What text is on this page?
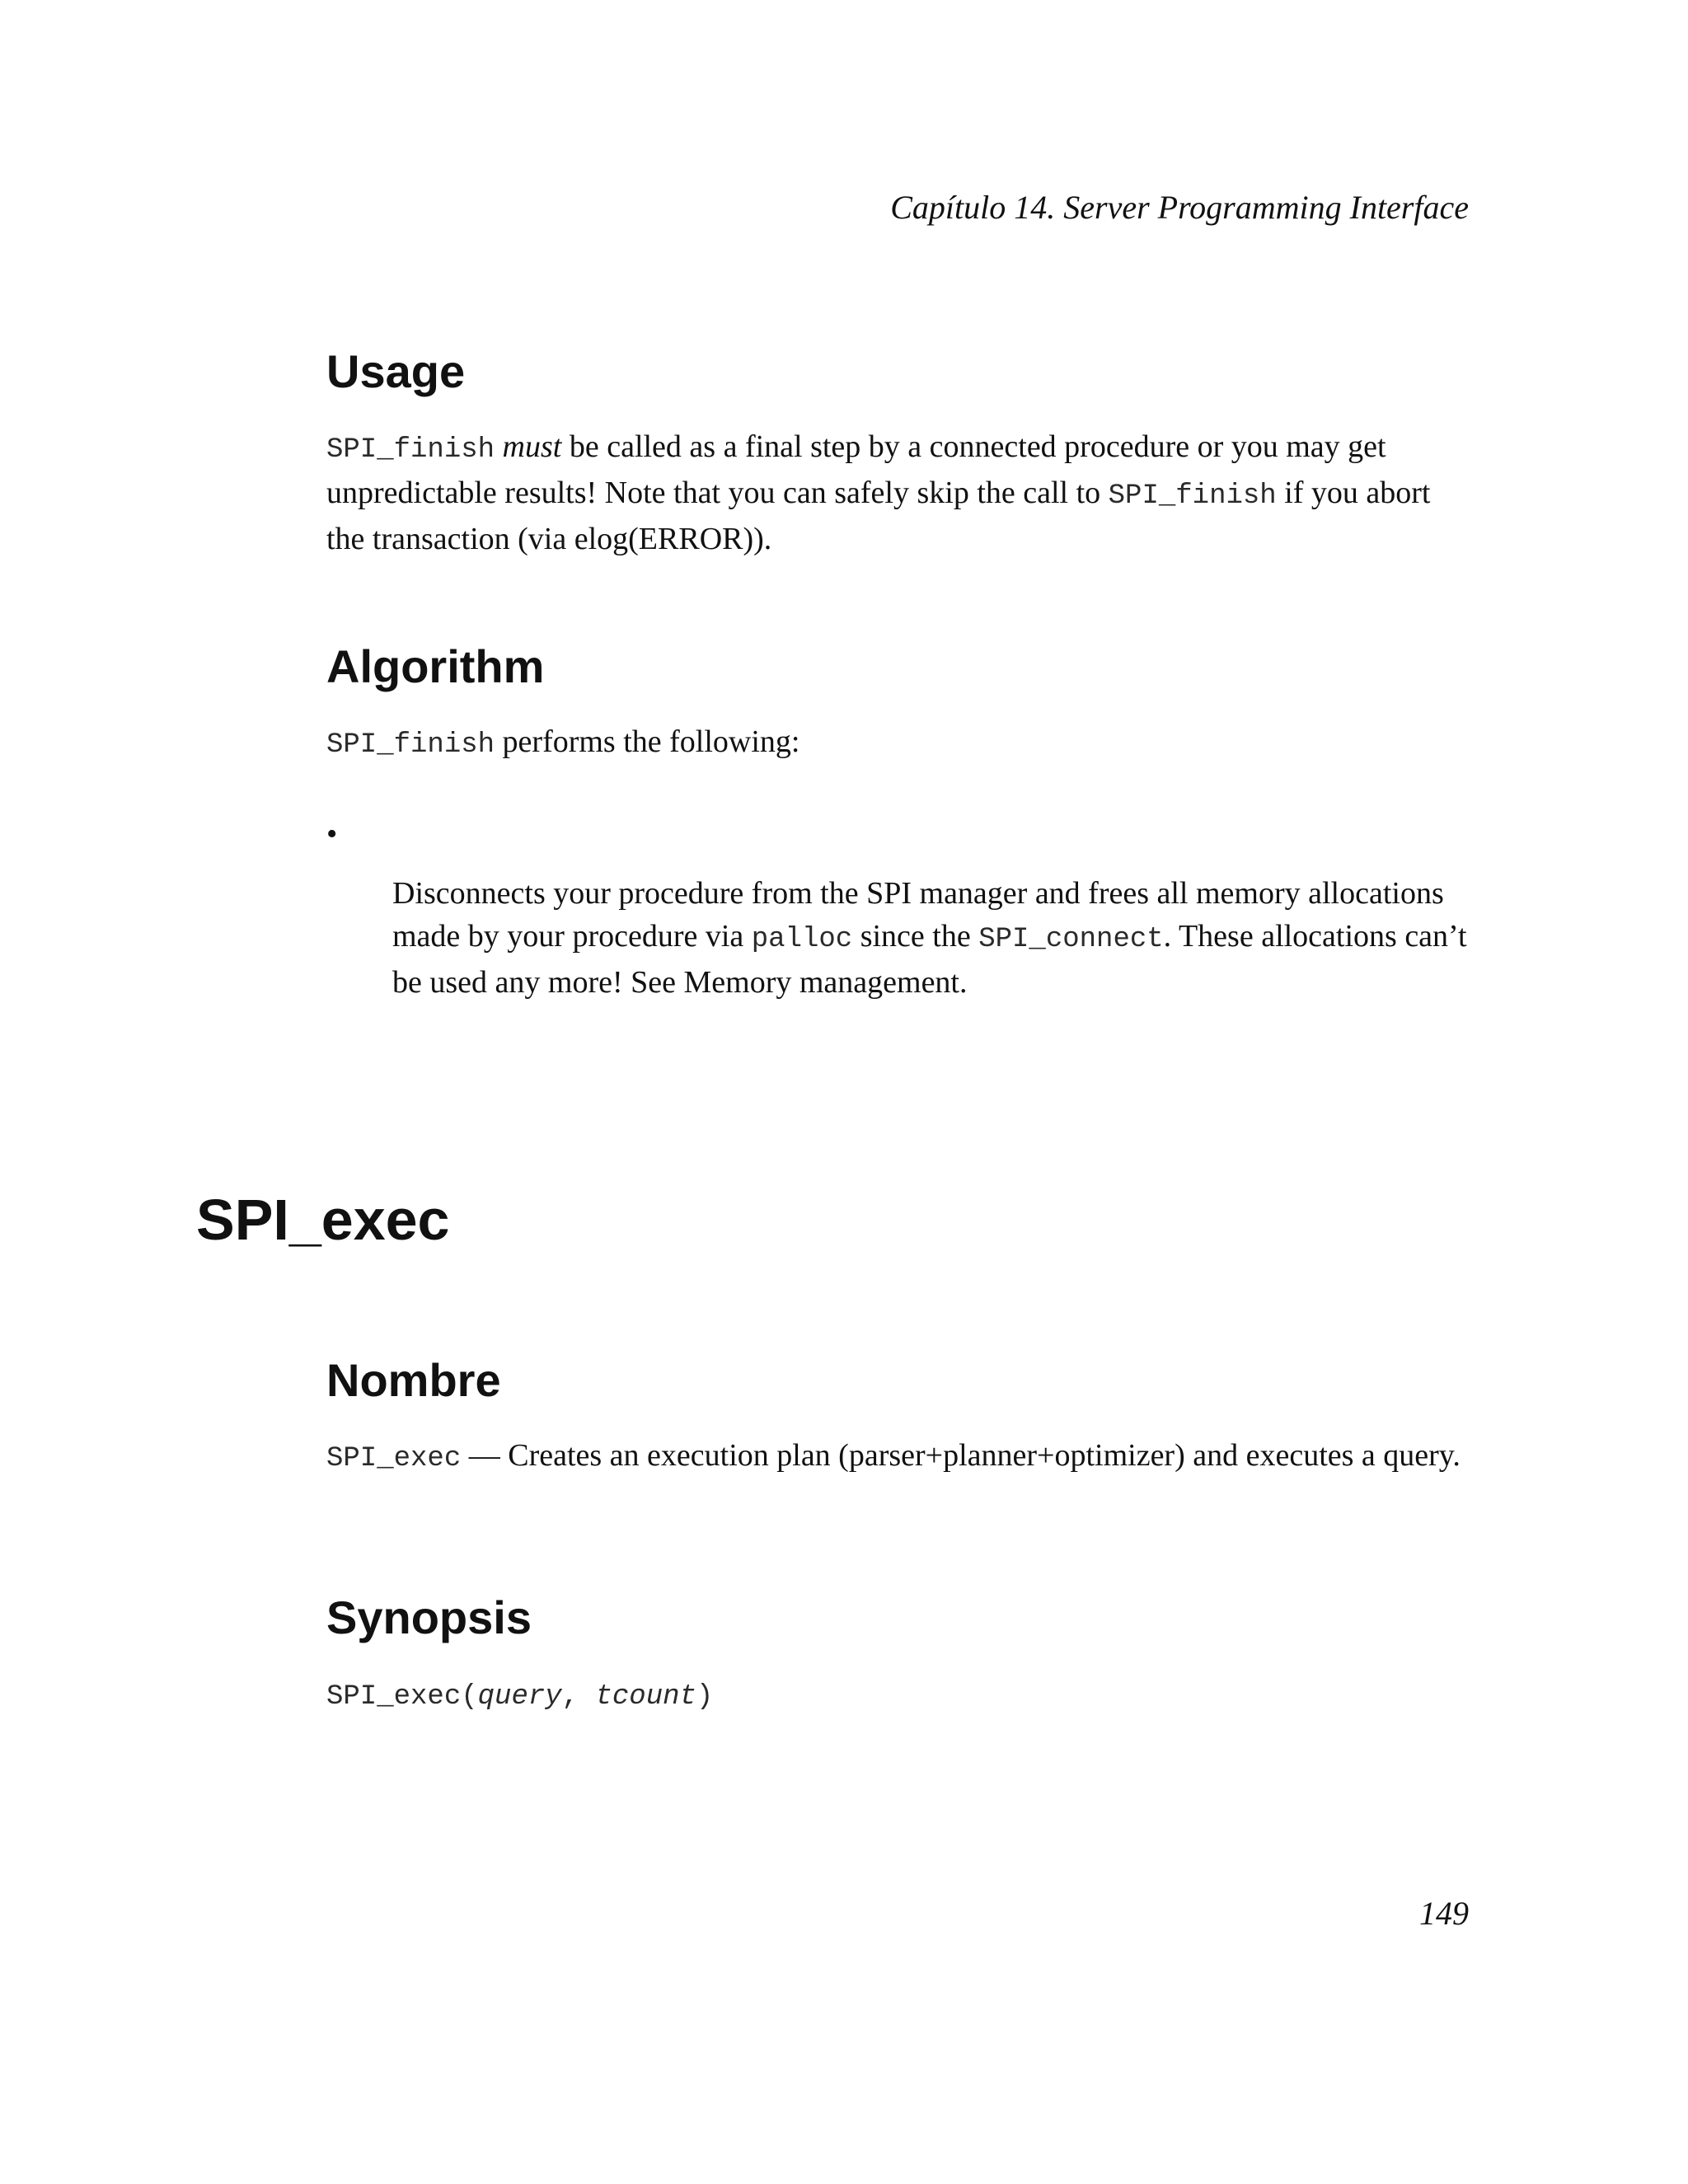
Capítulo 14. Server Programming Interface
Usage

SPI_finish must be called as a final step by a connected procedure or you may get unpredictable results! Note that you can safely skip the call to SPI_finish if you abort the transaction (via elog(ERROR)).

Algorithm

SPI_finish performs the following:

•

Disconnects your procedure from the SPI manager and frees all memory allocations made by your procedure via palloc since the SPI_connect. These allocations can’t be used any more! See Memory management.

SPI_exec
Nombre

SPI_exec — Creates an execution plan (parser+planner+optimizer) and executes a query.

Synopsis
SPI_exec(query, tcount)
149
